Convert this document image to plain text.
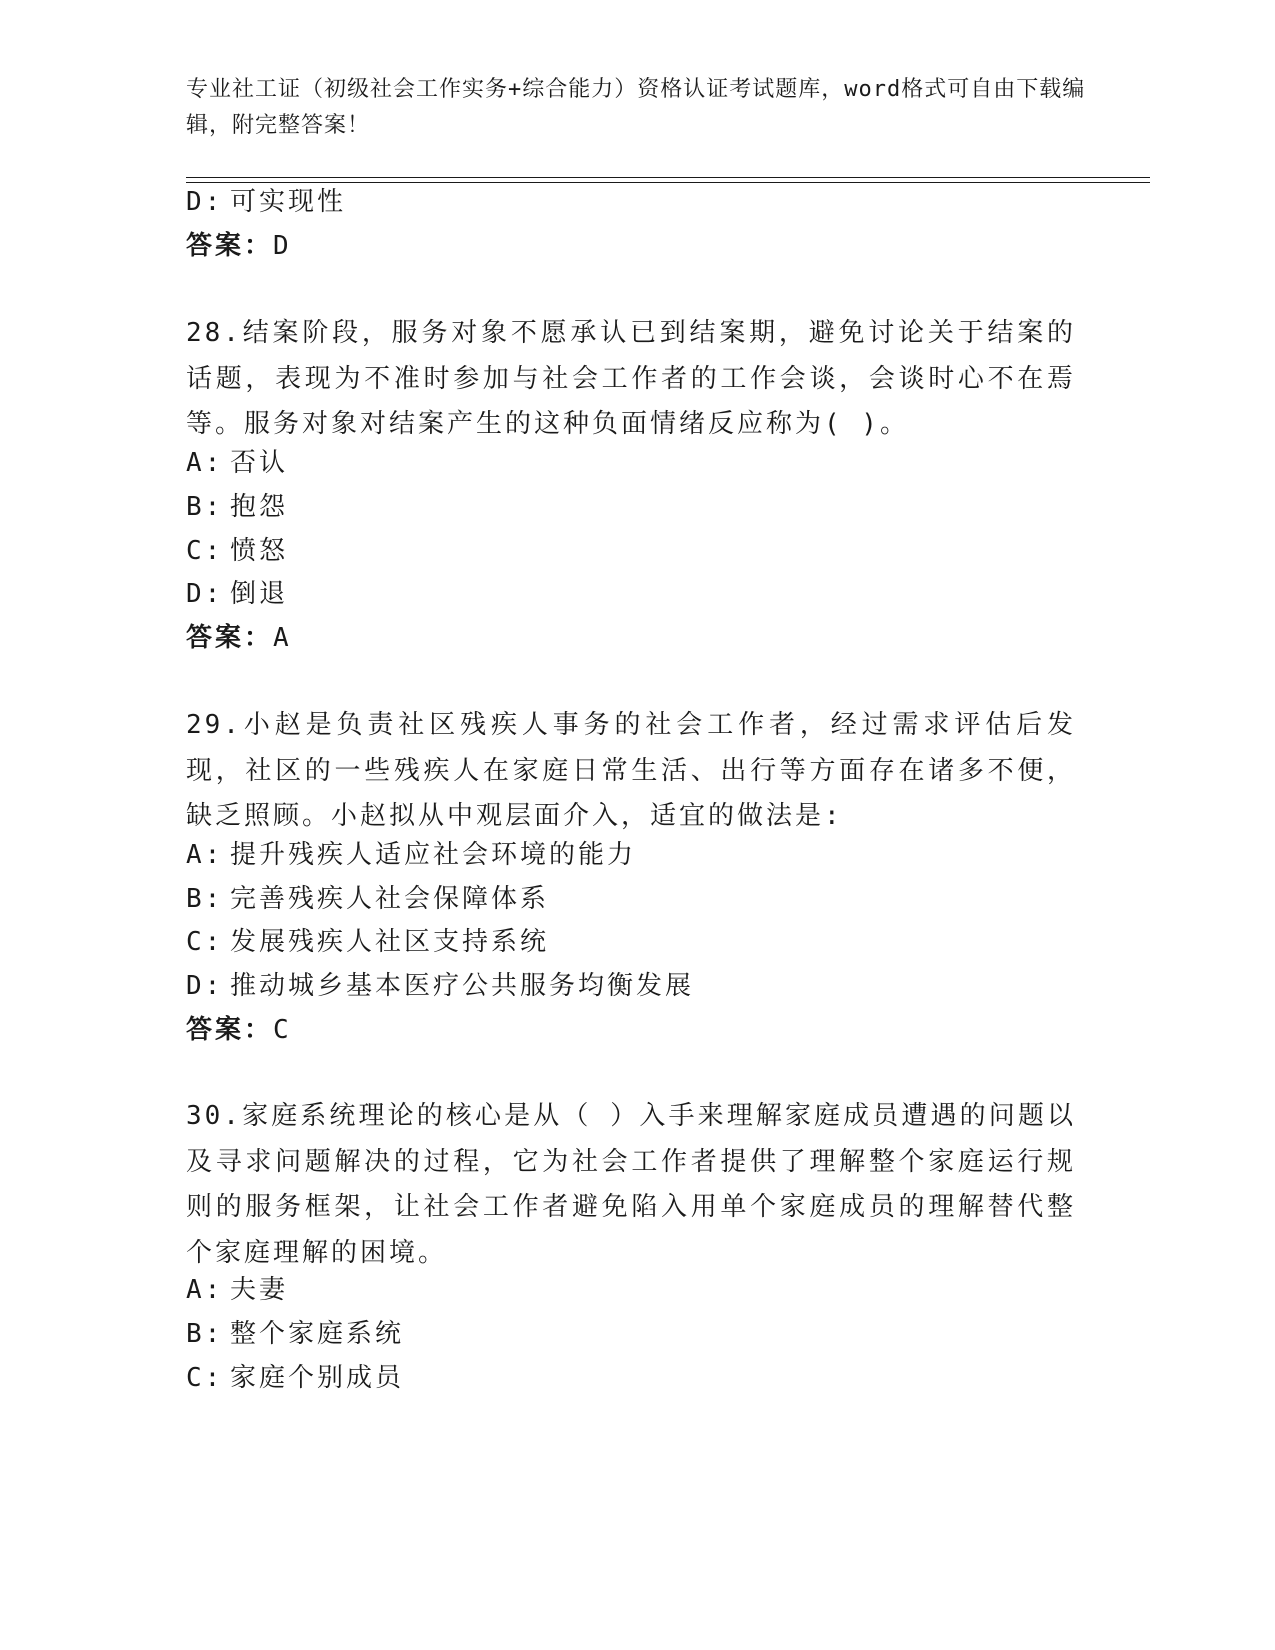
专业社工证（初级社会工作实务+综合能力）资格认证考试题库，word格式可自由下载编辑，附完整答案！
D: 可实现性
答案：D
28.结案阶段，服务对象不愿承认已到结案期，避免讨论关于结案的话题，表现为不准时参加与社会工作者的工作会谈，会谈时心不在焉等。服务对象对结案产生的这种负面情绪反应称为( )。
A: 否认
B: 抱怨
C: 愤怒
D: 倒退
答案：A
29.小赵是负责社区残疾人事务的社会工作者，经过需求评估后发现，社区的一些残疾人在家庭日常生活、出行等方面存在诸多不便，缺乏照顾。小赵拟从中观层面介入，适宜的做法是:
A: 提升残疾人适应社会环境的能力
B: 完善残疾人社会保障体系
C: 发展残疾人社区支持系统
D: 推动城乡基本医疗公共服务均衡发展
答案：C
30.家庭系统理论的核心是从（ ）入手来理解家庭成员遭遇的问题以及寻求问题解决的过程，它为社会工作者提供了理解整个家庭运行规则的服务框架，让社会工作者避免陷入用单个家庭成员的理解替代整个家庭理解的困境。
A: 夫妻
B: 整个家庭系统
C: 家庭个别成员
